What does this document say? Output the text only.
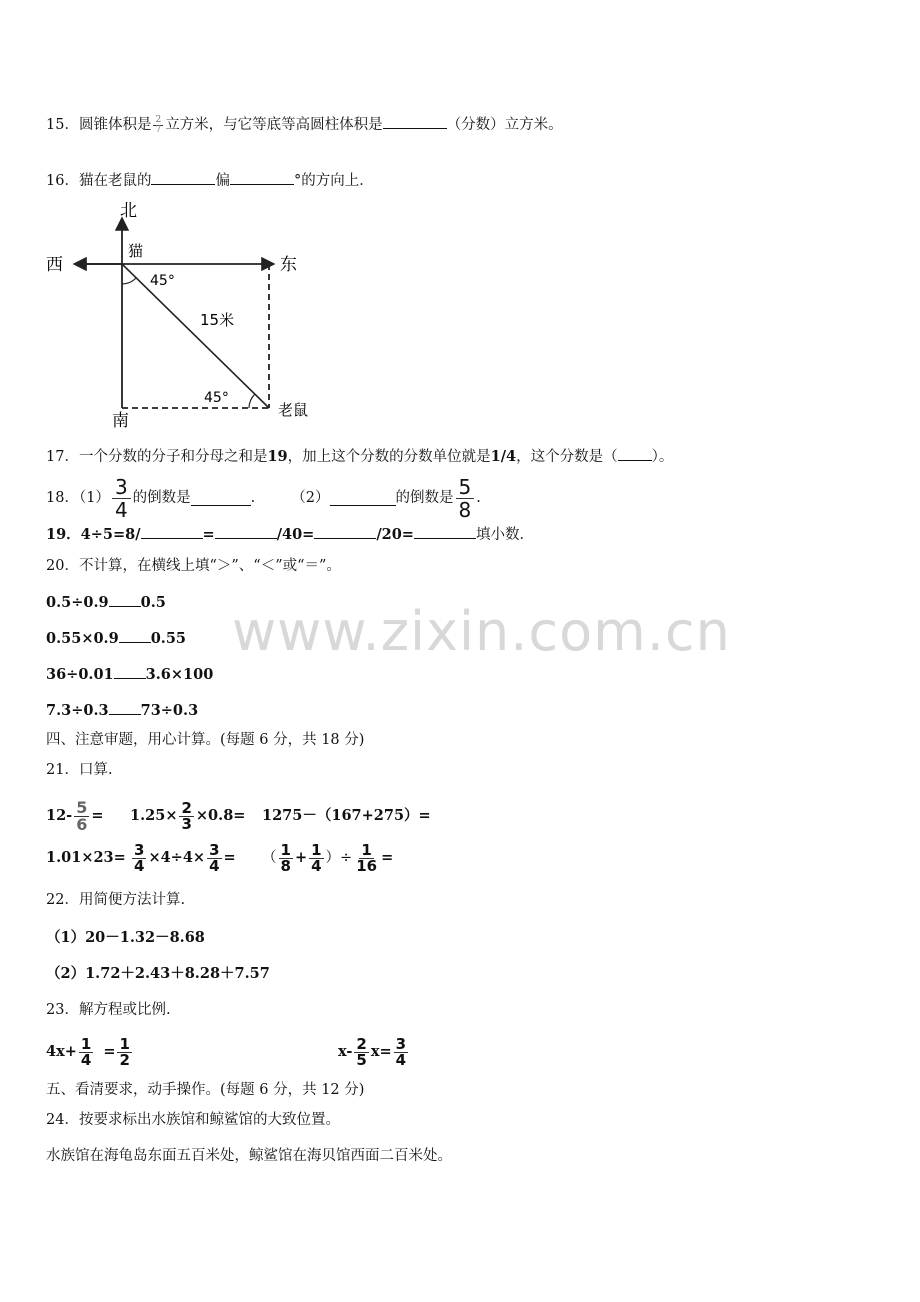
www.zixin.com.cn
15．圆锥体积是 $\frac{2}{7}$ 立方米，与它等底等高圆柱体积是	（分数）立方米。
16．猫在老鼠的	偏	°的方向上．
北
西	东
南
猫
老鼠
45°
45°
15米
17．一个分数的分子和分母之和是19，加上这个分数的分数单位就是1/4，这个分数是（ ）。
18．$(1) \frac{3}{4}$ 的倒数是	. （2）	的倒数是 $\frac{5}{8}$ .
19．4÷5=8/	=	/40=	/20=	填小数．
20．不计算，在横线上填“＞”、“＜”或“＝”。
0.5÷0.9 0.5
0.55×0.9 0.55
36÷0.01 3.6×100
7.3÷0.3 73÷0.3
四、注意审题，用心计算。(每题 6 分，共 18 分)
21．口算.
$12- \frac{5}{6} = 1.25\times \frac{2}{3} \times 0.8= 1275-(167+275)=$
$1.01\times 23= \frac{3}{4} \times 4\div 4\times \frac{3}{4}$ = （ $\frac{1}{8} + \frac{1}{4}$ ）÷ $\frac{1}{16}$ =
22．用简便方法计算.
（1）20－1.32－8.68
（2）1.72＋2.43＋8.28＋7.57
23．解方程或比例.
$4x+ \frac{1}{4} = \frac{1}{2}$	$x- \frac{2}{5} x= \frac{3}{4}$
五、看清要求，动手操作。(每题 6 分，共 12 分)
24．按要求标出水族馆和鲸鲨馆的大致位置。
水族馆在海龟岛东面五百米处，鲸鲨馆在海贝馆西面二百米处。
